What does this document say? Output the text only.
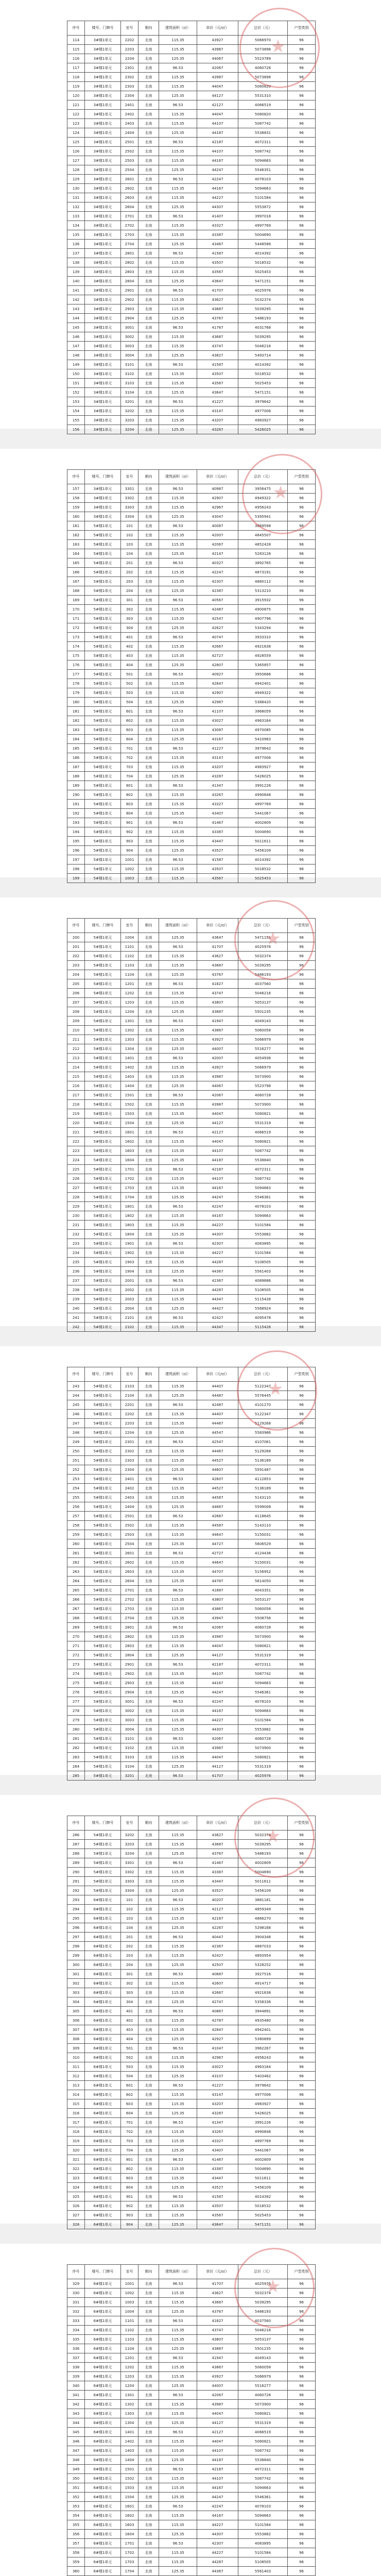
序号	楼号、门牌号	室号	朝向	建筑面积（㎡）	单价（元/㎡）	总价（元）	户型类别
114	3#楼1单元	2202	北南	115.35	43927	5066970	96
115	3#楼1单元	2203	北南	115.35	43987	5073898	96
116	3#楼1单元	2204	北南	125.35	44067	5523789	96
117	3#楼1单元	2301	北南	96.53	42067	4060728	96
118	3#楼1单元	2302	北南	115.35	43987	5073898	96
119	3#楼1单元	2303	北南	115.35	44047	5080820	96
120	3#楼1单元	2304	北南	125.35	44127	5531310	96
121	3#楼1单元	2401	北南	96.53	42127	4066519	96
122	3#楼1单元	2402	北南	115.35	44047	5080820	96
123	3#楼1单元	2403	北南	115.35	44107	5087742	96
124	3#楼1单元	2404	北南	125.35	44187	5538831	96
125	3#楼1单元	2501	北南	96.53	42187	4072311	96
126	3#楼1单元	2502	北南	115.35	44107	5087742	96
127	3#楼1单元	2503	北南	115.35	44167	5094663	96
128	3#楼1单元	2504	北南	125.35	44247	5546351	96
129	3#楼1单元	2601	北南	96.53	42247	4078103	96
130	3#楼1单元	2602	北南	115.35	44167	5094663	96
131	3#楼1单元	2603	北南	115.35	44227	5101584	96
132	3#楼1单元	2604	北南	125.35	44307	5553872	96
133	3#楼1单元	2701	北南	96.53	41407	3997018	96
134	3#楼1单元	2702	北南	115.35	43327	4997769	96
135	3#楼1单元	2703	北南	115.35	43387	5004690	96
136	3#楼1单元	2704	北南	125.35	43467	5448588	96
137	3#楼1单元	2801	北南	96.53	41587	4014392	96
138	3#楼1单元	2802	北南	115.35	43507	5018532	96
139	3#楼1单元	2803	北南	115.35	43567	5025453	96
140	3#楼1单元	2804	北南	125.35	43647	5471151	96
141	3#楼1单元	2901	北南	96.53	41707	4025976	96
142	3#楼1单元	2902	北南	115.35	43627	5032374	96
143	3#楼1单元	2903	北南	115.35	43687	5039295	96
144	3#楼1单元	2904	北南	125.35	43767	5486193	96
145	3#楼1单元	3001	北南	96.53	41767	4031768	96
146	3#楼1单元	3002	北南	115.35	43687	5039295	96
147	3#楼1单元	3003	北南	115.35	43747	5046216	96
148	3#楼1单元	3004	北南	125.35	43827	5493714	96
149	3#楼1单元	3101	北南	96.53	41587	4014392	96
150	3#楼1单元	3102	北南	115.35	43507	5018532	96
151	3#楼1单元	3103	北南	115.35	43567	5025453	96
152	3#楼1单元	3104	北南	125.35	43647	5471151	96
153	3#楼1单元	3201	北南	96.53	41227	3979642	96
154	3#楼1单元	3202	北南	115.35	43147	4977006	96
155	3#楼1单元	3203	北南	115.35	43207	4983927	96
156	3#楼1单元	3204	北南	125.35	43287	5426025	96
序号	楼号、门牌号	室号	朝向	建筑面积（㎡）	单价（元/㎡）	总价（元）	户型类别
157	3#楼1单元	3301	北南	96.53	40987	3956475	96
158	3#楼1单元	3302	北南	115.35	42907	4949322	96
159	3#楼1单元	3303	北南	115.35	42967	4956243	96
160	3#楼1单元	3304	北南	125.35	43047	5395941	96
161	5#楼1单元	101	北南	96.53	40087	3869598	96
162	5#楼1单元	102	北南	115.35	42007	4845507	96
163	5#楼1单元	103	北南	115.35	42067	4852428	96
164	5#楼1单元	104	北南	125.35	42147	5283126	96
165	5#楼1单元	201	北南	96.53	40327	3892765	96
166	5#楼1单元	202	北南	115.35	42247	4873191	96
167	5#楼1单元	203	北南	115.35	42307	4880112	96
168	5#楼1单元	204	北南	125.35	42387	5313210	96
169	5#楼1单元	301	北南	96.53	40567	3915932	96
170	5#楼1单元	302	北南	115.35	42487	4900875	96
171	5#楼1单元	303	北南	115.35	42547	4907796	96
172	5#楼1单元	304	北南	125.35	42627	5343294	96
173	5#楼1单元	401	北南	96.53	40747	3933310	96
174	5#楼1单元	402	北南	115.35	42667	4921638	96
175	5#楼1单元	403	北南	115.35	42727	4928559	96
176	5#楼1单元	404	北南	125.35	42807	5365857	96
177	5#楼1单元	501	北南	96.53	40927	3950686	96
178	5#楼1单元	502	北南	115.35	42847	4942401	96
179	5#楼1单元	503	北南	115.35	42907	4949322	96
180	5#楼1单元	504	北南	125.35	42987	5388420	96
181	5#楼1单元	601	北南	96.53	41107	3968059	96
182	5#楼1单元	602	北南	115.35	43027	4963164	96
183	5#楼1单元	603	北南	115.35	43087	4970085	96
184	5#楼1单元	604	北南	125.35	43167	5410983	96
185	5#楼1单元	701	北南	96.53	41227	3979642	96
186	5#楼1单元	702	北南	115.35	43147	4977006	96
187	5#楼1单元	703	北南	115.35	43207	4983927	96
188	5#楼1单元	704	北南	125.35	43287	5426025	96
189	5#楼1单元	801	北南	96.53	41347	3991226	96
190	5#楼1单元	802	北南	115.35	43267	4990848	96
191	5#楼1单元	803	北南	115.35	43327	4997769	96
192	5#楼1单元	804	北南	125.35	43407	5441067	96
193	5#楼1单元	901	北南	96.53	41467	4002809	96
194	5#楼1单元	902	北南	115.35	43387	5004690	96
195	5#楼1单元	903	北南	115.35	43447	5011611	96
196	5#楼1单元	904	北南	125.35	43527	5456109	96
197	5#楼1单元	1001	北南	96.53	41587	4014392	96
198	5#楼1单元	1002	北南	115.35	43507	5018532	96
199	5#楼1单元	1003	北南	115.35	43567	5025453	96
序号	楼号、门牌号	室号	朝向	建筑面积（㎡）	单价（元/㎡）	总价（元）	户型类别
200	5#楼1单元	1004	北南	125.35	43647	5471151	96
201	5#楼1单元	1101	北南	96.53	41707	4025976	96
202	5#楼1单元	1102	北南	115.35	43627	5032374	96
203	5#楼1单元	1103	北南	115.35	43687	5039295	96
204	5#楼1单元	1104	北南	125.35	43767	5486193	96
205	5#楼1单元	1201	北南	96.53	41827	4037560	96
206	5#楼1单元	1202	北南	115.35	43747	5046216	96
207	5#楼1单元	1203	北南	115.35	43807	5053137	96
208	5#楼1单元	1204	北南	125.35	43887	5501235	96
209	5#楼1单元	1301	北南	96.53	41947	4049143	96
210	5#楼1单元	1302	北南	115.35	43867	5060058	96
211	5#楼1单元	1303	北南	115.35	43927	5066979	96
212	5#楼1单元	1304	北南	125.35	44007	5516277	96
213	5#楼1单元	1401	北南	96.53	42007	4054936	96
214	5#楼1单元	1402	北南	115.35	43927	5066979	96
215	5#楼1单元	1403	北南	115.35	43987	5073900	96
216	5#楼1单元	1404	北南	125.35	44067	5523798	96
217	5#楼1单元	1501	北南	96.53	42067	4060728	96
218	5#楼1单元	1502	北南	115.35	43987	5073900	96
219	5#楼1单元	1503	北南	115.35	44047	5080821	96
220	5#楼1单元	1504	北南	125.35	44127	5531319	96
221	5#楼1单元	1601	北南	96.53	42127	4066519	96
222	5#楼1单元	1602	北南	115.35	44047	5080821	96
223	5#楼1单元	1603	北南	115.35	44107	5087742	96
224	5#楼1单元	1604	北南	125.35	44187	5538840	96
225	5#楼1单元	1701	北南	96.53	42187	4072311	96
226	5#楼1单元	1702	北南	115.35	44107	5087742	96
227	5#楼1单元	1703	北南	115.35	44167	5094663	96
228	5#楼1单元	1704	北南	125.35	44247	5546361	96
229	5#楼1单元	1801	北南	96.53	42247	4078103	96
230	5#楼1单元	1802	北南	115.35	44167	5094663	96
231	5#楼1单元	1803	北南	115.35	44227	5101584	96
232	5#楼1单元	1804	北南	125.35	44307	5553882	96
233	5#楼1单元	1901	北南	96.53	42307	4083895	96
234	5#楼1单元	1902	北南	115.35	44227	5101584	96
235	5#楼1单元	1903	北南	115.35	44287	5108505	96
236	5#楼1单元	1904	北南	125.35	44367	5561403	96
237	5#楼1单元	2001	北南	96.53	42367	4089686	96
238	5#楼1单元	2002	北南	115.35	44287	5108505	96
239	5#楼1单元	2003	北南	115.35	44347	5115426	96
240	5#楼1单元	2004	北南	125.35	44427	5568924	96
241	5#楼1单元	2101	北南	96.53	42427	4095478	96
242	5#楼1单元	2102	北南	115.35	44347	5115426	96
序号	楼号、门牌号	室号	朝向	建筑面积（㎡）	单价（元/㎡）	总价（元）	户型类别
243	5#楼1单元	2103	北南	115.35	44407	5122347	96
244	5#楼1单元	2104	北南	125.35	44487	5576445	96
245	5#楼1单元	2201	北南	96.53	42487	4101270	96
246	5#楼1单元	2202	北南	115.35	44407	5122347	96
247	5#楼1单元	2203	北南	115.35	44467	5129268	96
248	5#楼1单元	2204	北南	125.35	44547	5583966	96
249	5#楼1单元	2301	北南	96.53	42547	4107061	96
250	5#楼1单元	2302	北南	115.35	44467	5129268	96
251	5#楼1单元	2303	北南	115.35	44527	5136189	96
252	5#楼1单元	2304	北南	125.35	44607	5591487	96
253	5#楼1单元	2401	北南	96.53	42607	4112853	96
254	5#楼1单元	2402	北南	115.35	44527	5136189	96
255	5#楼1单元	2403	北南	115.35	44587	5143110	96
256	5#楼1单元	2404	北南	125.35	44667	5599008	96
257	5#楼1单元	2501	北南	96.53	42667	4118645	96
258	5#楼1单元	2502	北南	115.35	44587	5143110	96
259	5#楼1单元	2503	北南	115.35	44647	5150031	96
260	5#楼1单元	2504	北南	125.35	44727	5606529	96
261	5#楼1单元	2601	北南	96.53	42727	4124436	96
262	5#楼1单元	2602	北南	115.35	44647	5150031	96
263	5#楼1单元	2603	北南	115.35	44707	5156952	96
264	5#楼1单元	2604	北南	125.35	44787	5614050	96
265	5#楼1单元	2701	北南	96.53	41887	4043351	96
266	5#楼1单元	2702	北南	115.35	43807	5053137	96
267	5#楼1单元	2703	北南	115.35	43867	5060058	96
268	5#楼1单元	2704	北南	125.35	43947	5508756	96
269	5#楼1单元	2801	北南	96.53	42067	4060728	96
270	5#楼1单元	2802	北南	115.35	43987	5073900	96
271	5#楼1单元	2803	北南	115.35	44047	5080821	96
272	5#楼1单元	2804	北南	125.35	44127	5531319	96
273	5#楼1单元	2901	北南	96.53	42187	4072311	96
274	5#楼1单元	2902	北南	115.35	44107	5087742	96
275	5#楼1单元	2903	北南	115.35	44167	5094663	96
276	5#楼1单元	2904	北南	125.35	44247	5546361	96
277	5#楼1单元	3001	北南	96.53	42247	4078103	96
278	5#楼1单元	3002	北南	115.35	44167	5094663	96
279	5#楼1单元	3003	北南	115.35	44227	5101584	96
280	5#楼1单元	3004	北南	125.35	44307	5553882	96
281	5#楼1单元	3101	北南	96.53	42067	4060728	96
282	5#楼1单元	3102	北南	115.35	43987	5073900	96
283	5#楼1单元	3103	北南	115.35	44047	5080821	96
284	5#楼1单元	3104	北南	125.35	44127	5531319	96
285	5#楼1单元	3201	北南	96.53	41707	4025976	96
序号	楼号、门牌号	室号	朝向	建筑面积（㎡）	单价（元/㎡）	总价（元）	户型类别
286	5#楼1单元	3202	北南	115.35	43627	5032374	96
287	5#楼1单元	3203	北南	115.35	43687	5039295	96
288	5#楼1单元	3204	北南	125.35	43767	5486193	96
289	5#楼1单元	3301	北南	96.53	41467	4002809	96
290	5#楼1单元	3302	北南	115.35	43387	5004690	96
291	5#楼1单元	3303	北南	115.35	43447	5011611	96
292	5#楼1单元	3304	北南	125.35	43527	5456109	96
293	6#楼1单元	101	北南	96.53	40207	3881181	96
294	6#楼1单元	102	北南	115.35	42127	4859349	96
295	6#楼1单元	103	北南	115.35	42187	4866270	96
296	6#楼1单元	104	北南	125.35	42267	5298168	96
297	6#楼1单元	201	北南	96.53	40447	3904348	96
298	6#楼1单元	202	北南	115.35	42367	4887033	96
299	6#楼1单元	203	北南	115.35	42427	4893954	96
300	6#楼1单元	204	北南	125.35	42507	5328252	96
301	6#楼1单元	301	北南	96.53	40687	3927516	96
302	6#楼1单元	302	北南	115.35	42607	4914717	96
303	6#楼1单元	303	北南	115.35	42667	4921638	96
304	6#楼1单元	304	北南	125.35	42747	5358336	96
305	6#楼1单元	401	北南	96.53	40867	3944891	96
306	6#楼1单元	402	北南	115.35	42787	4935480	96
307	6#楼1单元	403	北南	115.35	42847	4942401	96
308	6#楼1单元	404	北南	125.35	42927	5380899	96
309	6#楼1单元	501	北南	96.53	41047	3962267	96
310	6#楼1单元	502	北南	115.35	42967	4956243	96
311	6#楼1单元	503	北南	115.35	43027	4963164	96
312	6#楼1单元	504	北南	125.35	43107	5403462	96
313	6#楼1单元	601	北南	96.53	41227	3979642	96
314	6#楼1单元	602	北南	115.35	43147	4977006	96
315	6#楼1单元	603	北南	115.35	43207	4983927	96
316	6#楼1单元	604	北南	125.35	43287	5426025	96
317	6#楼1单元	701	北南	96.53	41347	3991226	96
318	6#楼1单元	702	北南	115.35	43267	4990848	96
319	6#楼1单元	703	北南	115.35	43327	4997769	96
320	6#楼1单元	704	北南	125.35	43407	5441067	96
321	6#楼1单元	801	北南	96.53	41467	4002809	96
322	6#楼1单元	802	北南	115.35	43387	5004690	96
323	6#楼1单元	803	北南	115.35	43447	5011611	96
324	6#楼1单元	804	北南	125.35	43527	5456109	96
325	6#楼1单元	901	北南	96.53	41587	4014392	96
326	6#楼1单元	902	北南	115.35	43507	5018532	96
327	6#楼1单元	903	北南	115.35	43567	5025453	96
328	6#楼1单元	904	北南	125.35	43647	5471151	96
序号	楼号、门牌号	室号	朝向	建筑面积（㎡）	单价（元/㎡）	总价（元）	户型类别
329	6#楼1单元	1001	北南	96.53	41707	4025976	96
330	6#楼1单元	1002	北南	115.35	43627	5032374	96
331	6#楼1单元	1003	北南	115.35	43687	5039295	96
332	6#楼1单元	1004	北南	125.35	43767	5486193	96
333	6#楼1单元	1101	北南	96.53	41827	4037560	96
334	6#楼1单元	1102	北南	115.35	43747	5046216	96
335	6#楼1单元	1103	北南	115.35	43807	5053137	96
336	6#楼1单元	1104	北南	125.35	43887	5501235	96
337	6#楼1单元	1201	北南	96.53	41947	4049143	96
338	6#楼1单元	1202	北南	115.35	43867	5060058	96
339	6#楼1单元	1203	北南	115.35	43927	5066979	96
340	6#楼1单元	1204	北南	125.35	44007	5516277	96
341	6#楼1单元	1301	北南	96.53	42067	4060728	96
342	6#楼1单元	1302	北南	115.35	43987	5073900	96
343	6#楼1单元	1303	北南	115.35	44047	5080821	96
344	6#楼1单元	1304	北南	125.35	44127	5531319	96
345	6#楼1单元	1401	北南	96.53	42127	4066519	96
346	6#楼1单元	1402	北南	115.35	44047	5080821	96
347	6#楼1单元	1403	北南	115.35	44107	5087742	96
348	6#楼1单元	1404	北南	125.35	44187	5538840	96
349	6#楼1单元	1501	北南	96.53	42187	4072311	96
350	6#楼1单元	1502	北南	115.35	44107	5087742	96
351	6#楼1单元	1503	北南	115.35	44167	5094663	96
352	6#楼1单元	1504	北南	125.35	44247	5546361	96
353	6#楼1单元	1601	北南	96.53	42247	4078103	96
354	6#楼1单元	1602	北南	115.35	44167	5094663	96
355	6#楼1单元	1603	北南	115.35	44227	5101584	96
356	6#楼1单元	1604	北南	125.35	44307	5553882	96
357	6#楼1单元	1701	北南	96.53	42307	4083895	96
358	6#楼1单元	1702	北南	115.35	44227	5101584	96
359	6#楼1单元	1703	北南	115.35	44287	5108505	96
360	6#楼1单元	1704	北南	125.35	44367	5561403	96
